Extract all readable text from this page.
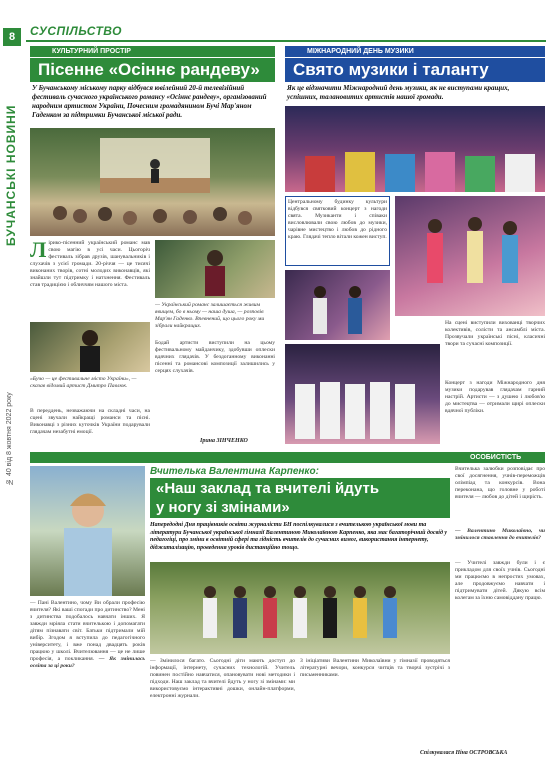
8
БУЧАНСЬКІ НОВИНИ
№ 40 від 8 жовтня 2022 року
СУСПІЛЬСТВО
КУЛЬТУРНИЙ ПРОСТІР
Пісенне «Осіннє рандеву»
У Бучанському міському парку відбувся ювілейний 20-й телевізійний фестиваль сучасного українського романсу «Осіннє рандеву», організований народним артистом України, Почесним громадянином Бучі Мар'яном Гаденком за підтримки Бучанської міської ради.
Лірико-пісенний український романс мав свою магію в усі часи. Цьогоріч фестиваль зібрав друзів, шанувальників і слухачів з усієї громади. 20-річчя — це тисячі виконаних творів, сотні молодих виконавців, які знайшли тут підтримку і натхнення. Фестиваль став традицією і обличчям нашого міста.
— Український романс залишається живим явищем, бо в ньому — наша душа, — розповів Мар'ян Гаденко. Впевнений, що цього року ми зібрали найкращих.
«Бучо — це фестивальне місто України», — сказав відомий артист Дмитро Павлюк.
В переддень, незважаючи на складні часи, на сцені звучали найкращі романси та пісні. Виконавці з різних куточків України подарували глядачам незабутні емоції.
Бодай артисти виступили на цьому фестивальному майданчику, здобувши оплески вдячних глядачів. У бездоганному виконанні пісенні та романсові композиції залишились у серцях слухачів.
Ірина ЗІНЧЕНКО
МІЖНАРОДНИЙ ДЕНЬ МУЗИКИ
Свято музики і таланту
Як це відзначити Міжнародний день музики, як не виступами кращих, успішних, талановитих артистів нашої громади.
Центральному будинку культури відбувся святковий концерт з нагоди свята. Музиканти і співаки висловлювали свою любов до музики, чарівне мистецтво і любов до рідного краю. Глядачі тепло вітали кожен виступ.
На сцені виступили вихованці творчих колективів, солісти та ансамблі міста. Прозвучали українські пісні, класичні твори та сучасні композиції.
Концерт з нагоди Міжнародного дня музики подарував глядачам гарний настрій. Артисти — з душею і любов'ю до мистецтва — отримали щирі оплески вдячної публіки.
ОСОБИСТІСТЬ
Вчителька Валентина Карпенко:
«Наш заклад та вчителі йдуть
у ногу зі змінами»
Напередодні Дня працівників освіти журналісти БН поспілкувалися з вчителькою української мови та літератури Бучанської української гімназії Валентиною Миколаївною Карпенко, яка має багаторічний досвід у педагогіці, про зміни в освітній сфері та гідність вчителів до сучасних вимог, використання інтернету, діджиталізацію, проведення уроків дистанційно тощо.
— Пані Валентино, чому Ви обрали професію вчителя? Які ваші спогади про дитинство? Мені з дитинства подобалось навчати інших. Я завжди мріяла стати вчителькою і допомагати дітям пізнавати світ. Батьки підтримали мій вибір. Згодом я вступила до педагогічного університету, і вже понад двадцять років працюю у школі. Вчителювання — це не лише професія, а покликання. — Як змінилась освіта за ці роки?
— Змінилося багато. Сьогодні діти мають доступ до інформації, інтернету, сучасних технологій. Учитель повинен постійно навчатися, опановувати нові методики і підходи. Наш заклад та вчителі йдуть у ногу зі змінами: ми використовуємо інтерактивні дошки, онлайн-платформи, електронні журнали.
З ініціативи Валентини Миколаївни у гімназії проводяться літературні вечори, конкурси читців та творчі зустрічі з письменниками.
Вчителька залюбки розповідає про свої досягнення, учнів-переможців олімпіад та конкурсів. Вона переконана, що головне у роботі вчителя — любов до дітей і щирість.
— Валентино Миколаївно, чи змінилося ставлення до вчителів?
— Учителі завжди були і є прикладом для своїх учнів. Сьогодні ми працюємо в непростих умовах, але продовжуємо навчати і підтримувати дітей. Дякую всім колегам за їхню самовіддану працю.
Спілкувалася Ніна ОСТРОВСЬКА
